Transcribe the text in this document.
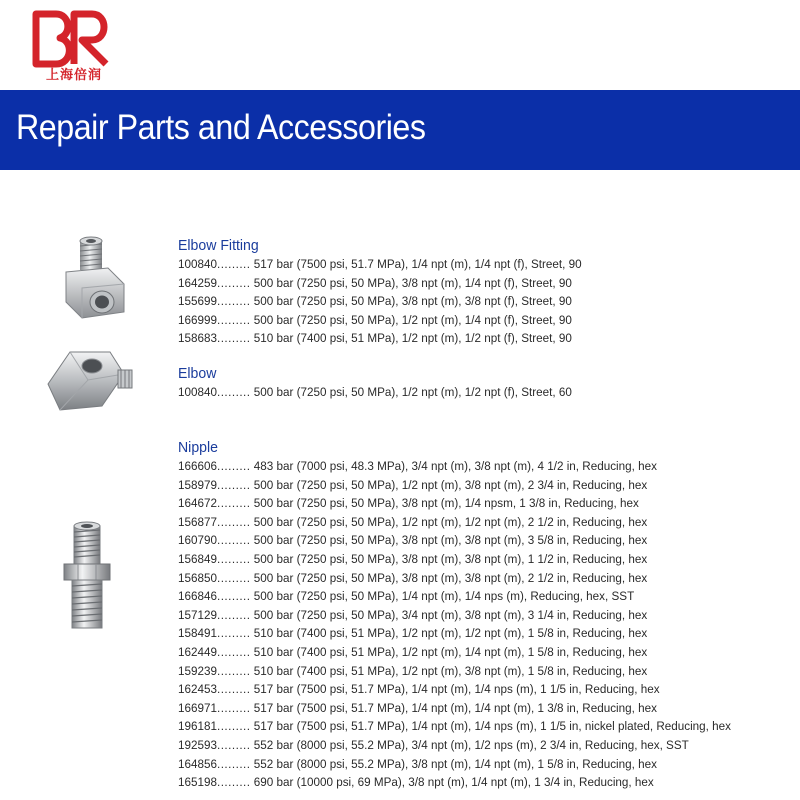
上海倍润
Repair Parts and Accessories
Elbow Fitting
100840......... 517 bar (7500 psi, 51.7 MPa), 1/4 npt (m), 1/4 npt (f), Street, 90
164259......... 500 bar (7250 psi, 50 MPa), 3/8 npt (m), 1/4 npt (f), Street, 90
155699......... 500 bar (7250 psi, 50 MPa), 3/8 npt (m), 3/8 npt (f), Street, 90
166999......... 500 bar (7250 psi, 50 MPa), 1/2 npt (m), 1/4 npt (f), Street, 90
158683......... 510 bar (7400 psi, 51 MPa), 1/2 npt (m), 1/2 npt (f), Street, 90
Elbow
100840......... 500 bar (7250 psi, 50 MPa), 1/2 npt (m), 1/2 npt (f), Street, 60
Nipple
166606......... 483 bar (7000 psi, 48.3 MPa), 3/4 npt (m), 3/8 npt (m), 4 1/2 in, Reducing, hex
158979......... 500 bar (7250 psi, 50 MPa), 1/2 npt (m), 3/8 npt (m), 2 3/4 in, Reducing, hex
164672......... 500 bar (7250 psi, 50 MPa), 3/8 npt (m), 1/4 npsm, 1 3/8 in, Reducing, hex
156877......... 500 bar (7250 psi, 50 MPa), 1/2 npt (m), 1/2 npt (m), 2 1/2 in, Reducing, hex
160790......... 500 bar (7250 psi, 50 MPa), 3/8 npt (m), 3/8 npt (m), 3 5/8 in, Reducing, hex
156849......... 500 bar (7250 psi, 50 MPa), 3/8 npt (m), 3/8 npt (m), 1 1/2 in, Reducing, hex
156850......... 500 bar (7250 psi, 50 MPa), 3/8 npt (m), 3/8 npt (m), 2 1/2 in, Reducing, hex
166846......... 500 bar (7250 psi, 50 MPa), 1/4 npt (m), 1/4 nps (m), Reducing, hex, SST
157129......... 500 bar (7250 psi, 50 MPa), 3/4 npt (m), 3/8 npt (m), 3 1/4 in, Reducing, hex
158491......... 510 bar (7400 psi, 51 MPa), 1/2 npt (m), 1/2 npt (m), 1 5/8 in, Reducing, hex
162449......... 510 bar (7400 psi, 51 MPa), 1/2 npt (m), 1/4 npt (m), 1 5/8 in, Reducing, hex
159239......... 510 bar (7400 psi, 51 MPa), 1/2 npt (m), 3/8 npt (m), 1 5/8 in, Reducing, hex
162453......... 517 bar (7500 psi, 51.7 MPa), 1/4 npt (m), 1/4 nps (m), 1 1/5 in, Reducing, hex
166971......... 517 bar (7500 psi, 51.7 MPa), 1/4 npt (m), 1/4 npt (m), 1 3/8 in, Reducing, hex
196181......... 517 bar (7500 psi, 51.7 MPa), 1/4 npt (m), 1/4 nps (m), 1 1/5 in, nickel plated, Reducing, hex
192593......... 552 bar (8000 psi, 55.2 MPa), 3/4 npt (m), 1/2 nps (m), 2 3/4 in, Reducing, hex, SST
164856......... 552 bar (8000 psi, 55.2 MPa), 3/8 npt (m), 1/4 npt (m), 1 5/8 in, Reducing, hex
165198......... 690 bar (10000 psi, 69 MPa), 3/8 npt (m), 1/4 npt (m), 1 3/4 in, Reducing, hex
